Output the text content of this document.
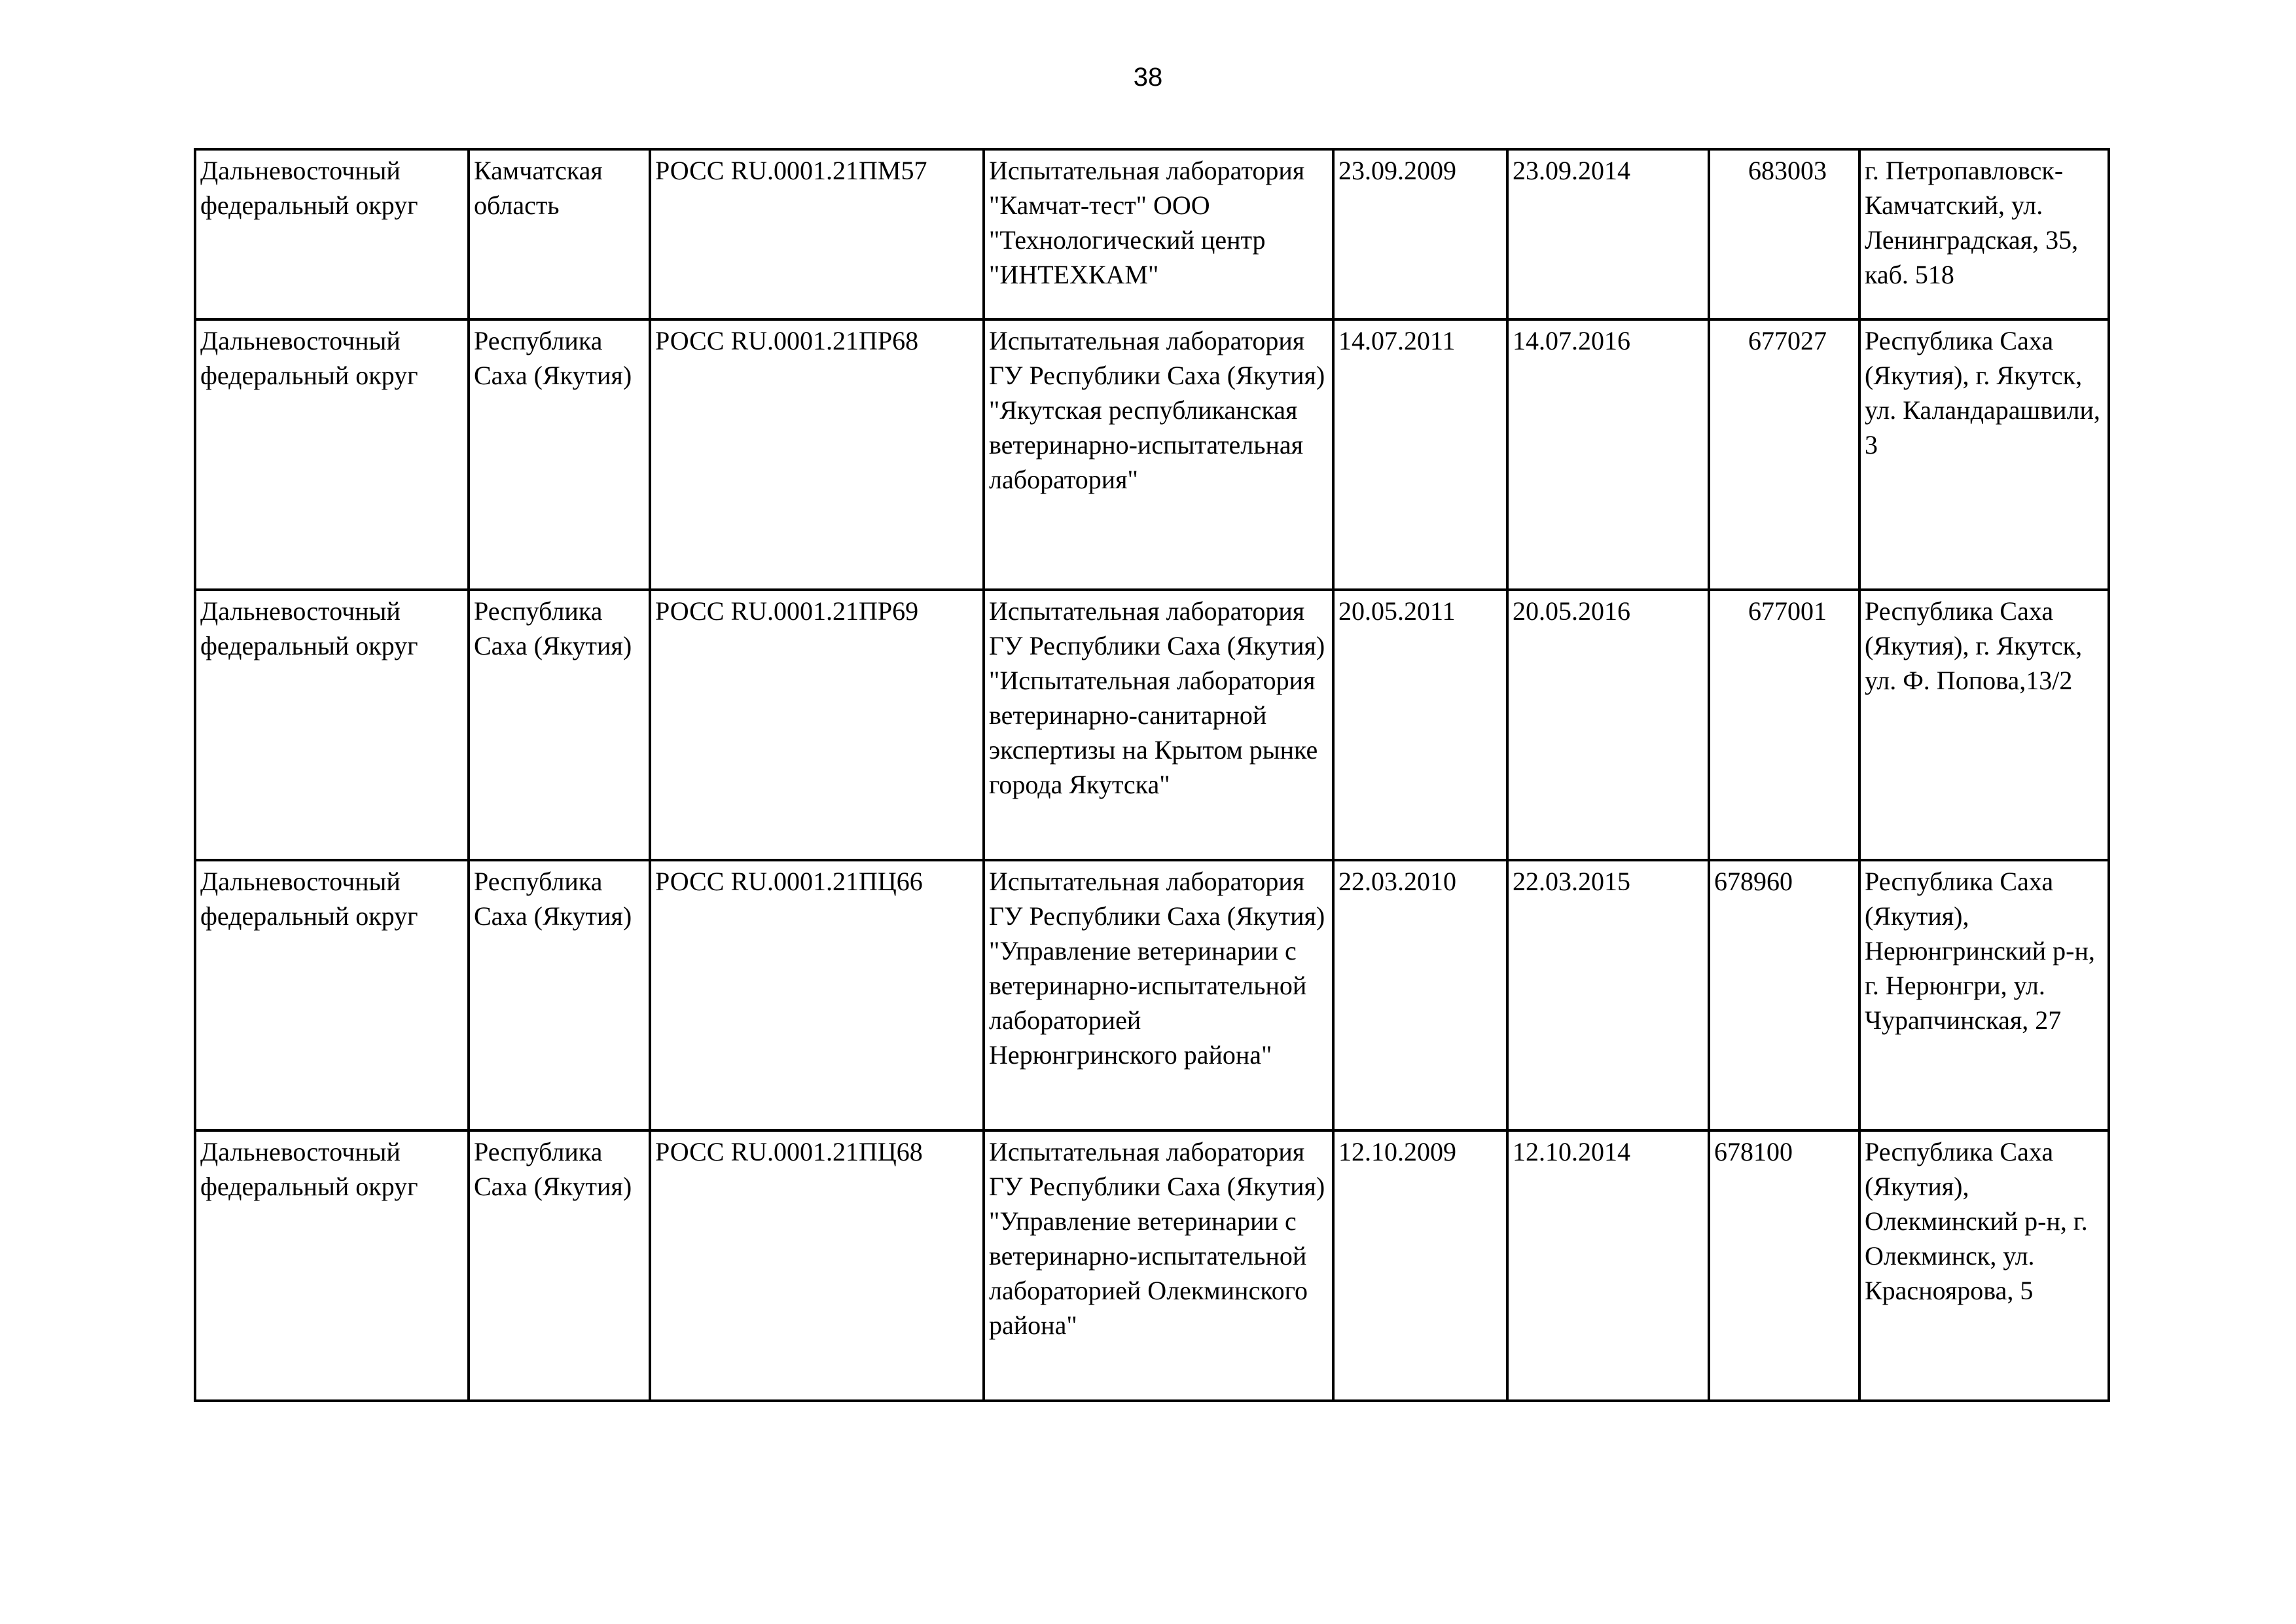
38
Дальневосточный федеральный округ	Камчатская область	РОСС RU.0001.21ПМ57	Испытательная лаборатория "Камчат-тест" ООО "Технологический центр "ИНТЕХКАМ"	23.09.2009	23.09.2014	683003	г. Петропавловск-Камчатский, ул. Ленинградская, 35, каб. 518
Дальневосточный федеральный округ	Республика Саха (Якутия)	РОСС RU.0001.21ПР68	Испытательная лаборатория ГУ Республики Саха (Якутия) "Якутская республиканская ветеринарно-испытательная лаборатория"	14.07.2011	14.07.2016	677027	Республика Саха (Якутия), г. Якутск, ул. Каландарашвили, 3
Дальневосточный федеральный округ	Республика Саха (Якутия)	РОСС RU.0001.21ПР69	Испытательная лаборатория ГУ Республики Саха (Якутия) "Испытательная лаборатория ветеринарно-санитарной экспертизы на Крытом рынке города Якутска"	20.05.2011	20.05.2016	677001	Республика Саха (Якутия), г. Якутск, ул. Ф. Попова,13/2
Дальневосточный федеральный округ	Республика Саха (Якутия)	РОСС RU.0001.21ПЦ66	Испытательная лаборатория ГУ Республики Саха (Якутия) "Управление ветеринарии с ветеринарно-испытательной лабораторией Нерюнгринского района"	22.03.2010	22.03.2015	678960	Республика Саха (Якутия), Нерюнгринский р-н, г. Нерюнгри, ул. Чурапчинская, 27
Дальневосточный федеральный округ	Республика Саха (Якутия)	РОСС RU.0001.21ПЦ68	Испытательная лаборатория ГУ Республики Саха (Якутия) "Управление ветеринарии с ветеринарно-испытательной лабораторией Олекминского района"	12.10.2009	12.10.2014	678100	Республика Саха (Якутия), Олекминский р-н, г. Олекминск, ул. Красноярова, 5
